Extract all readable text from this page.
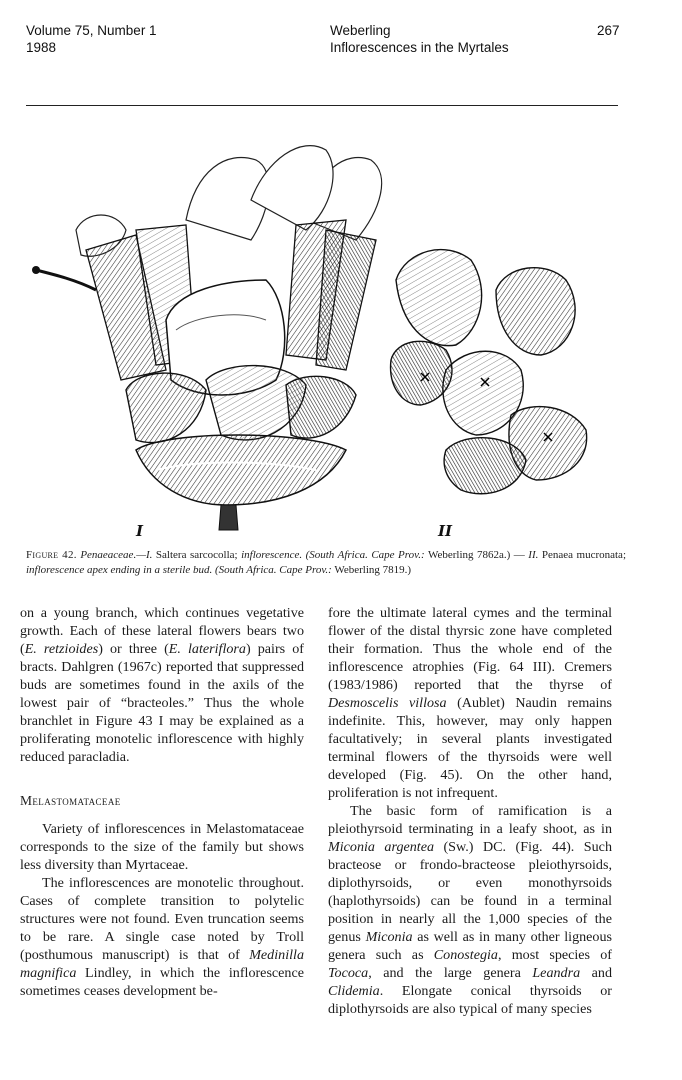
Volume 75, Number 1
1988
Weberling
Inflorescences in the Myrtales
267
I	II
Figure 42. Penaeaceae.—I. Saltera sarcocolla; inflorescence. (South Africa. Cape Prov.: Weberling 7862a.) — II. Penaea mucronata; inflorescence apex ending in a sterile bud. (South Africa. Cape Prov.: Weberling 7819.)

on a young branch, which continues vegetative growth. Each of these lateral flowers bears two (E. retzioides) or three (E. lateriflora) pairs of bracts. Dahlgren (1967c) reported that suppressed buds are sometimes found in the axils of the lowest pair of “bracteoles.” Thus the whole branchlet in Figure 43 I may be explained as a proliferating monotelic inflorescence with highly reduced paracladia.

Melastomataceae

Variety of inflorescences in Melastomataceae corresponds to the size of the family but shows less diversity than Myrtaceae.

The inflorescences are monotelic throughout. Cases of complete transition to polytelic structures were not found. Even truncation seems to be rare. A single case noted by Troll (posthumous manuscript) is that of Medinilla magnifica Lindley, in which the inflorescence sometimes ceases development be-

fore the ultimate lateral cymes and the terminal flower of the distal thyrsic zone have completed their formation. Thus the whole end of the inflorescence atrophies (Fig. 64 III). Cremers (1983/1986) reported that the thyrse of Desmoscelis villosa (Aublet) Naudin remains indefinite. This, however, may only happen facultatively; in several plants investigated terminal flowers of the thyrsoids were well developed (Fig. 45). On the other hand, proliferation is not infrequent.

The basic form of ramification is a pleiothyrsoid terminating in a leafy shoot, as in Miconia argentea (Sw.) DC. (Fig. 44). Such bracteose or frondo-bracteose pleiothyrsoids, diplothyrsoids, or even monothyrsoids (haplothyrsoids) can be found in a terminal position in nearly all the 1,000 species of the genus Miconia as well as in many other ligneous genera such as Conostegia, most species of Tococa, and the large genera Leandra and Clidemia. Elongate conical thyrsoids or diplothyrsoids are also typical of many species
